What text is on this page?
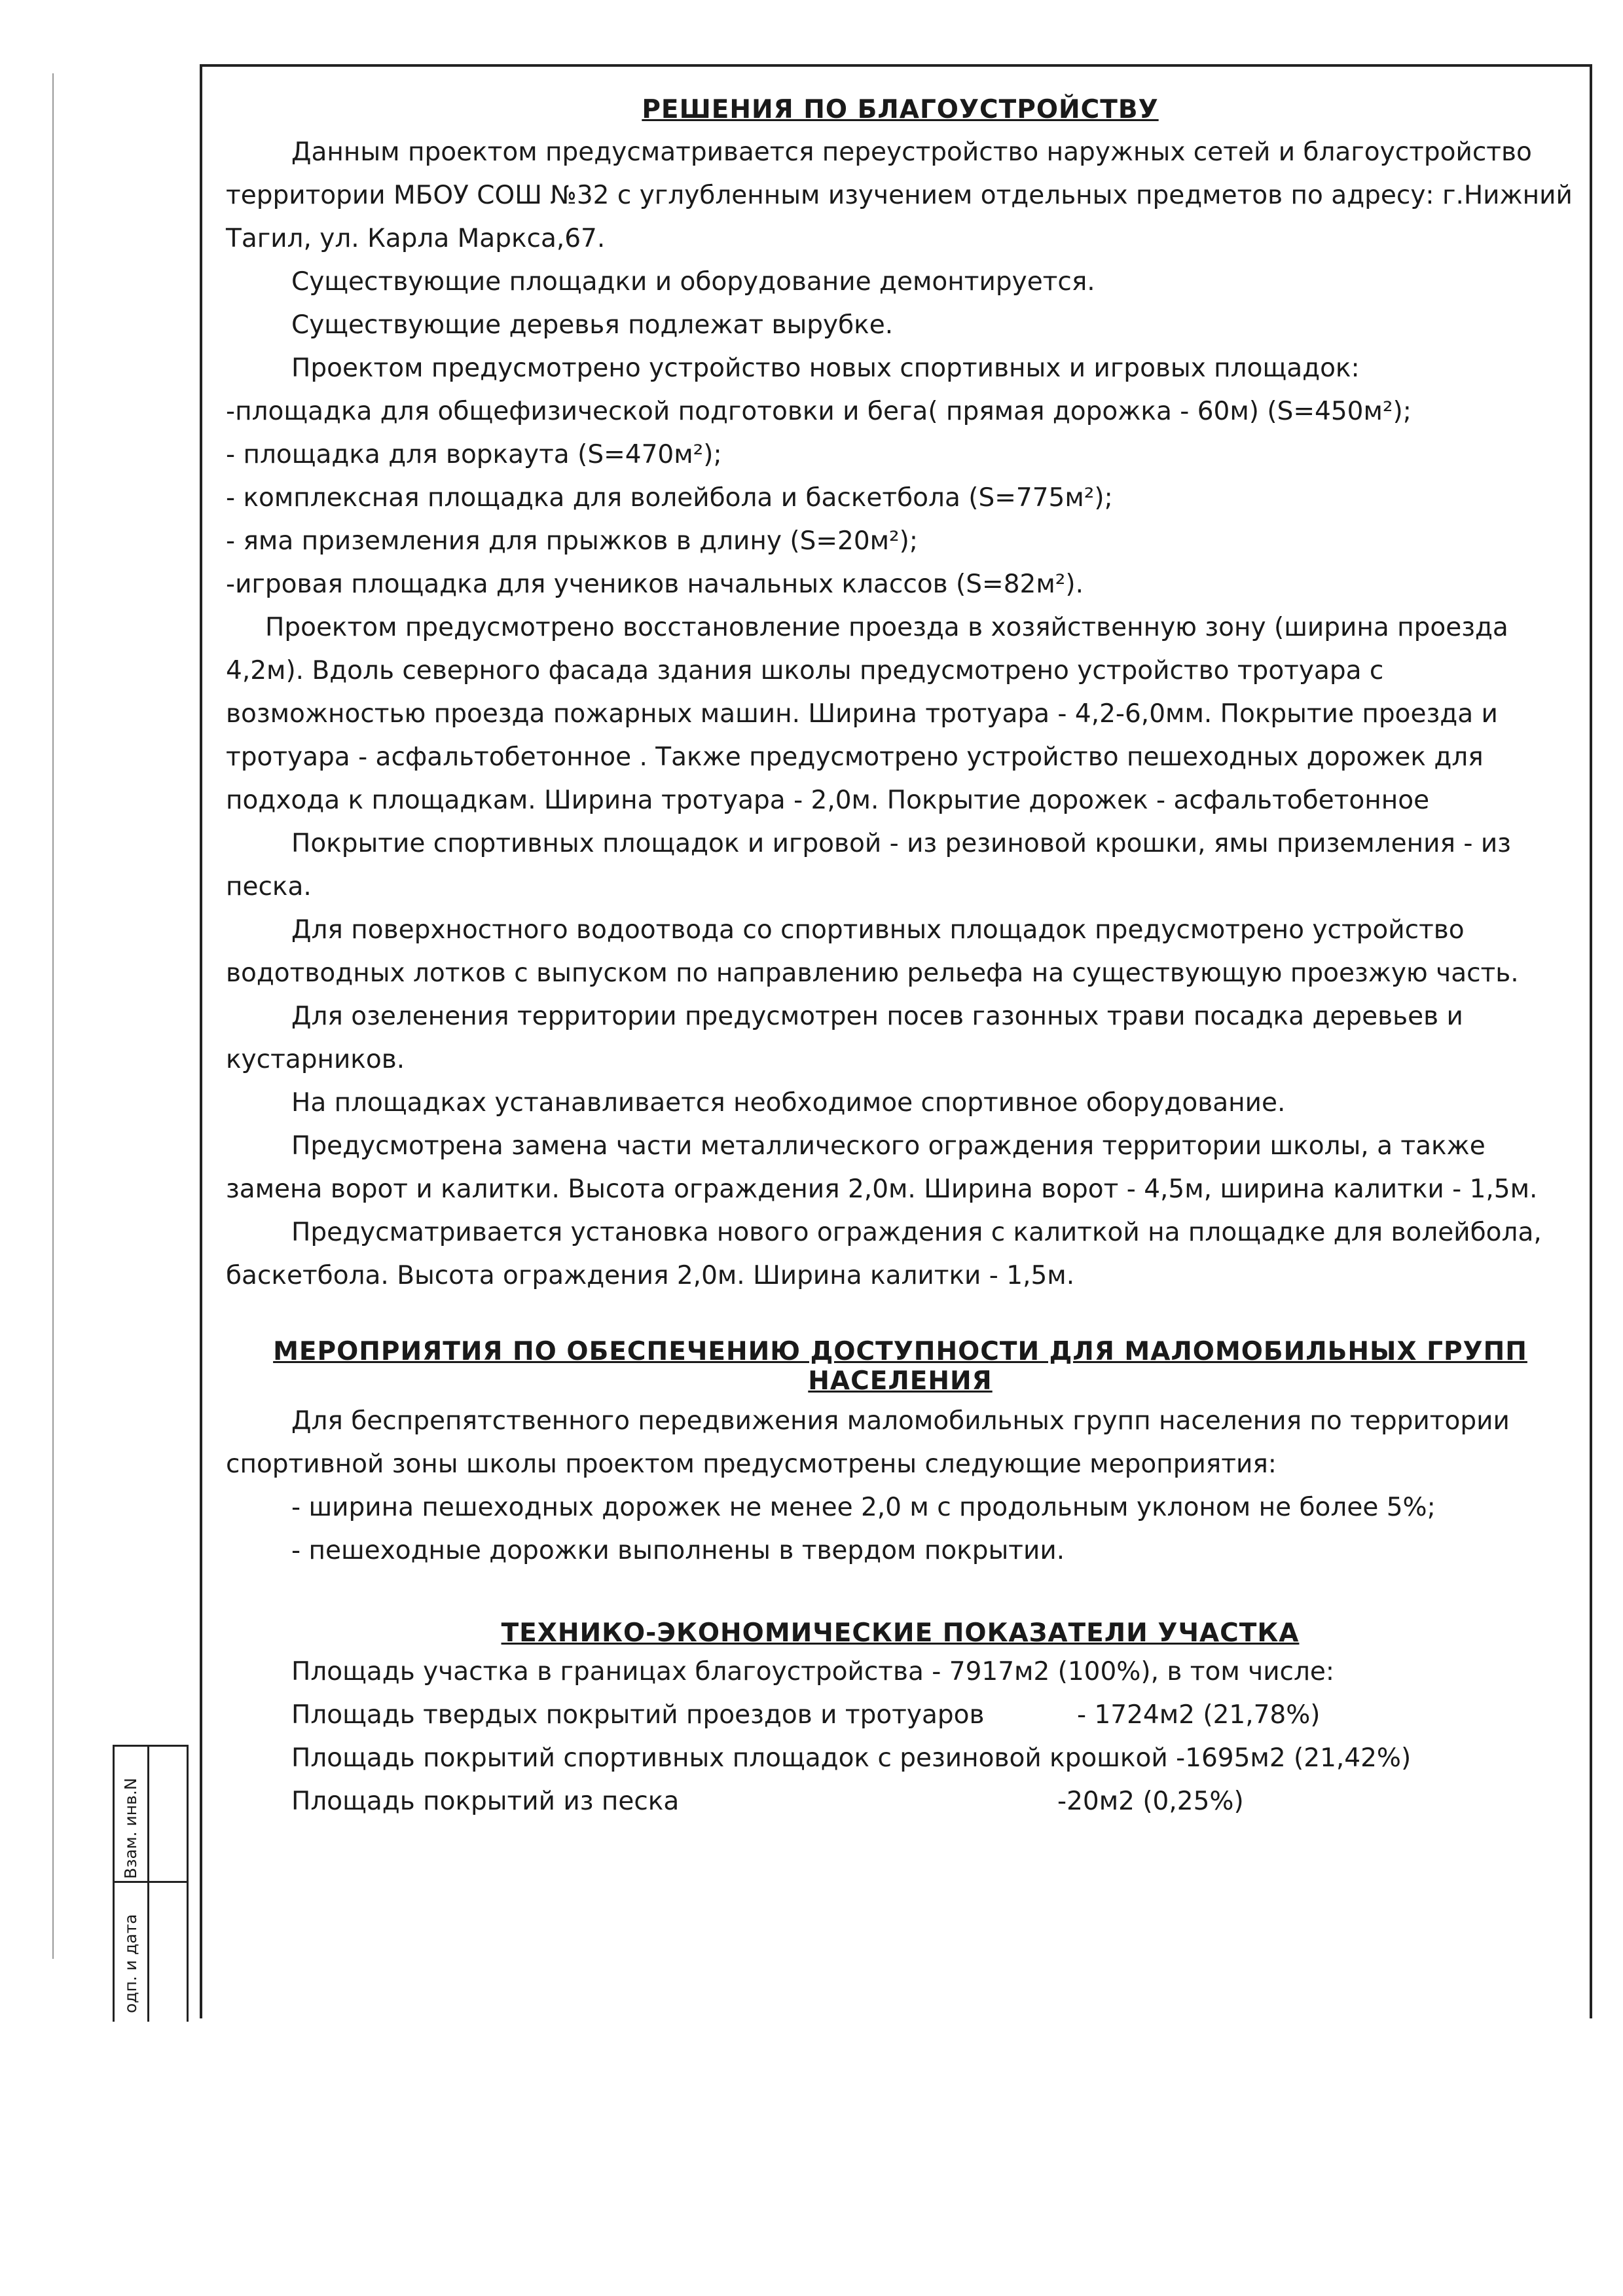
Взам. инв.N
одп. и дата
РЕШЕНИЯ ПО БЛАГОУСТРОЙСТВУ

Данным проектом предусматривается переустройство наружных сетей и благоустройство территории МБОУ СОШ №32 с углубленным изучением отдельных предметов по адресу: г.Нижний Тагил, ул. Карла Маркса,67.

Существующие площадки и оборудование демонтируется.

Существующие деревья подлежат вырубке.

Проектом предусмотрено устройство новых спортивных и игровых площадок:

-площадка для общефизической подготовки и бега( прямая дорожка - 60м) (S=450м²);

- площадка для воркаута (S=470м²);

- комплексная площадка для волейбола и баскетбола (S=775м²);

- яма приземления для прыжков в длину (S=20м²);

-игровая площадка для учеников начальных классов (S=82м²).

Проектом предусмотрено восстановление проезда в хозяйственную зону (ширина проезда 4,2м). Вдоль северного фасада здания школы предусмотрено устройство тротуара с возможностью проезда пожарных машин. Ширина тротуара - 4,2-6,0мм. Покрытие проезда и тротуара - асфальтобетонное . Также предусмотрено устройство пешеходных дорожек для подхода к площадкам. Ширина тротуара - 2,0м. Покрытие дорожек - асфальтобетонное

Покрытие спортивных площадок и игровой - из резиновой крошки, ямы приземления - из песка.

Для поверхностного водоотвода со спортивных площадок предусмотрено устройство водотводных лотков с выпуском по направлению рельефа на существующую проезжую часть.

Для озеленения территории предусмотрен посев газонных трави посадка деревьев и кустарников.

На площадках устанавливается необходимое спортивное оборудование.

Предусмотрена замена части металлического ограждения территории школы, а также замена ворот и калитки. Высота ограждения 2,0м. Ширина ворот - 4,5м, ширина калитки - 1,5м.

Предусматривается установка нового ограждения с калиткой на площадке для волейбола, баскетбола. Высота ограждения 2,0м. Ширина калитки - 1,5м.

МЕРОПРИЯТИЯ ПО ОБЕСПЕЧЕНИЮ ДОСТУПНОСТИ ДЛЯ МАЛОМОБИЛЬНЫХ ГРУПП НАСЕЛЕНИЯ

Для беспрепятственного передвижения маломобильных групп населения по территории спортивной зоны школы проектом предусмотрены следующие мероприятия:

- ширина пешеходных дорожек не менее 2,0 м с продольным уклоном не более 5%;

- пешеходные дорожки выполнены в твердом покрытии.

ТЕХНИКО-ЭКОНОМИЧЕСКИЕ ПОКАЗАТЕЛИ УЧАСТКА

Площадь участка в границах благоустройства - 7917м2 (100%), в том числе:

Площадь твердых покрытий проездов и тротуаров	- 1724м2 (21,78%)

Площадь покрытий спортивных площадок с резиновой крошкой -1695м2 (21,42%)

Площадь покрытий из песка	-20м2 (0,25%)
